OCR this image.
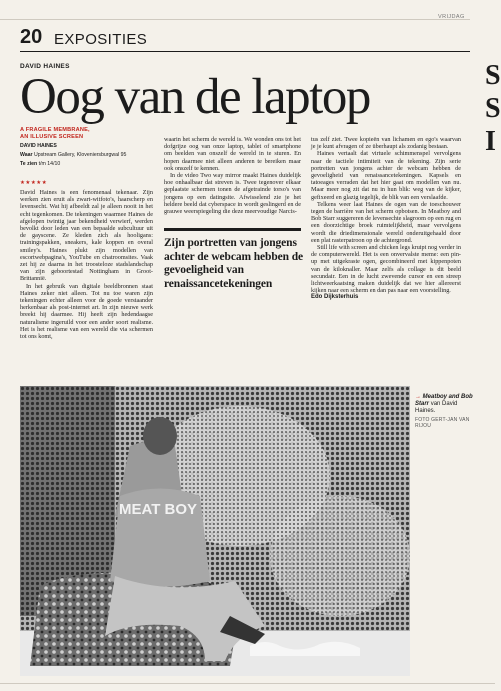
VRIJDAG
20 EXPOSITIES
DAVID HAINES
Oog van de laptop
A FRAGILE MEMBRANE,
AN ILLUSIVE SCREEN
DAVID HAINES
Waar Upstream Gallery, Kloveniersburgwal 95
Te zien t/m 14/10
★★★★★

David Haines is een fenomenaal tekenaar. Zijn werken zien eruit als zwart-witfoto's, haarscherp en levensecht. Wat hij afbeeldt zal je alleen nooit in het echt tegenkomen. De tekeningen waarmee Haines de afgelopen twintig jaar bekendheid verwierf, werden bevolkt door leden van een bepaalde subcultuur uit de gayscene. Ze kleden zich als hooligans: trainingspakken, sneakers, kale koppen en overal smiley's. Haines plukt zijn modellen van escortwebpagina's, YouTube en chatroomsites. Vaak zet hij ze daarna in het troosteloze stadslandschap van zijn geboortestad Nottingham in Groot-Brittannië.

In het gebruik van digitale beeldbronnen staat Haines zeker niet alleen. Tot nu toe waren zijn tekeningen echter alleen voor de goede verstaander herkenbaar als post-internet art. In zijn nieuwe werk breekt hij daarmee. Hij heeft zijn hedendaagse naturalisme ingeruild voor een ander soort realisme. Het is het realisme van een wereld die via schermen tot ons komt,

waarin het scherm de wereld is. We wonden ons tot het dofgrijze oog van onze laptop, tablet of smartphone om beelden van onszelf de wereld in te sturen. En hopen daarmee niet alleen anderen te bereiken maar ook onszelf te kennen.

In de video Two way mirror maakt Haines duidelijk hoe onhaalbaar dat streven is. Twee tegenover elkaar geplaatste schermen tonen de afgetrainde torso's van jongens op een datingsite. Afwisselend zie je het heldere beeld dat cyberspace in wordt geslingerd en de grauwe weerspiegeling die deze meervoudige Narcis-

Zijn portretten van jongens achter de webcam hebben de gevoeligheid van renaissancetekeningen

tus zelf ziet. Twee kopieën van lichamen en ego's waarvan je je kunt afvragen of ze überhaupt als zodanig bestaan.

Haines vertaalt dat virtuele schimmenspel vervolgens naar de tactiele intimiteit van de tekening. Zijn serie portretten van jongens achter de webcam hebben de gevoeligheid van renaissancetekeningen. Kapsels en tatoeages verraden dat het hier gaat om modellen van nu. Maar meer nog zit dat nu in hun blik: weg van de kijker, gefixeerd en glazig tegelijk, de blik van een verslaafde.

Telkens weer laat Haines de ogen van de toeschouwer tegen de barrière van het scherm opbotsen. In Meatboy and Bob Starr suggereren de levensechte slagroom op een rug en een doorzichtige broek ruimtelijkheid, maar vervolgens wordt die driedimensionale wereld onderuitgehaald door een plat rasterpatroon op de achtergrond.

Still life with screen and chicken legs kruipt nog verder in de computerwereld. Het is een onvervalste meme: een pin-up met uitgekraste ogen, gecombineerd met kippenpoten van de kiloknaller. Maar zelfs als collage is dit beeld secundair. Een in de lucht zwevende cursor en een streep lichtweerkaatsing maken duidelijk dat we hier allereerst kijken naar een scherm en dan pas naar een voorstelling.

Edo Dijksterhuis
MEAT BOY
→ Meatboy and Bob Starr van David Haines.
FOTO GERT-JAN VAN RIJOU
S
S
I
